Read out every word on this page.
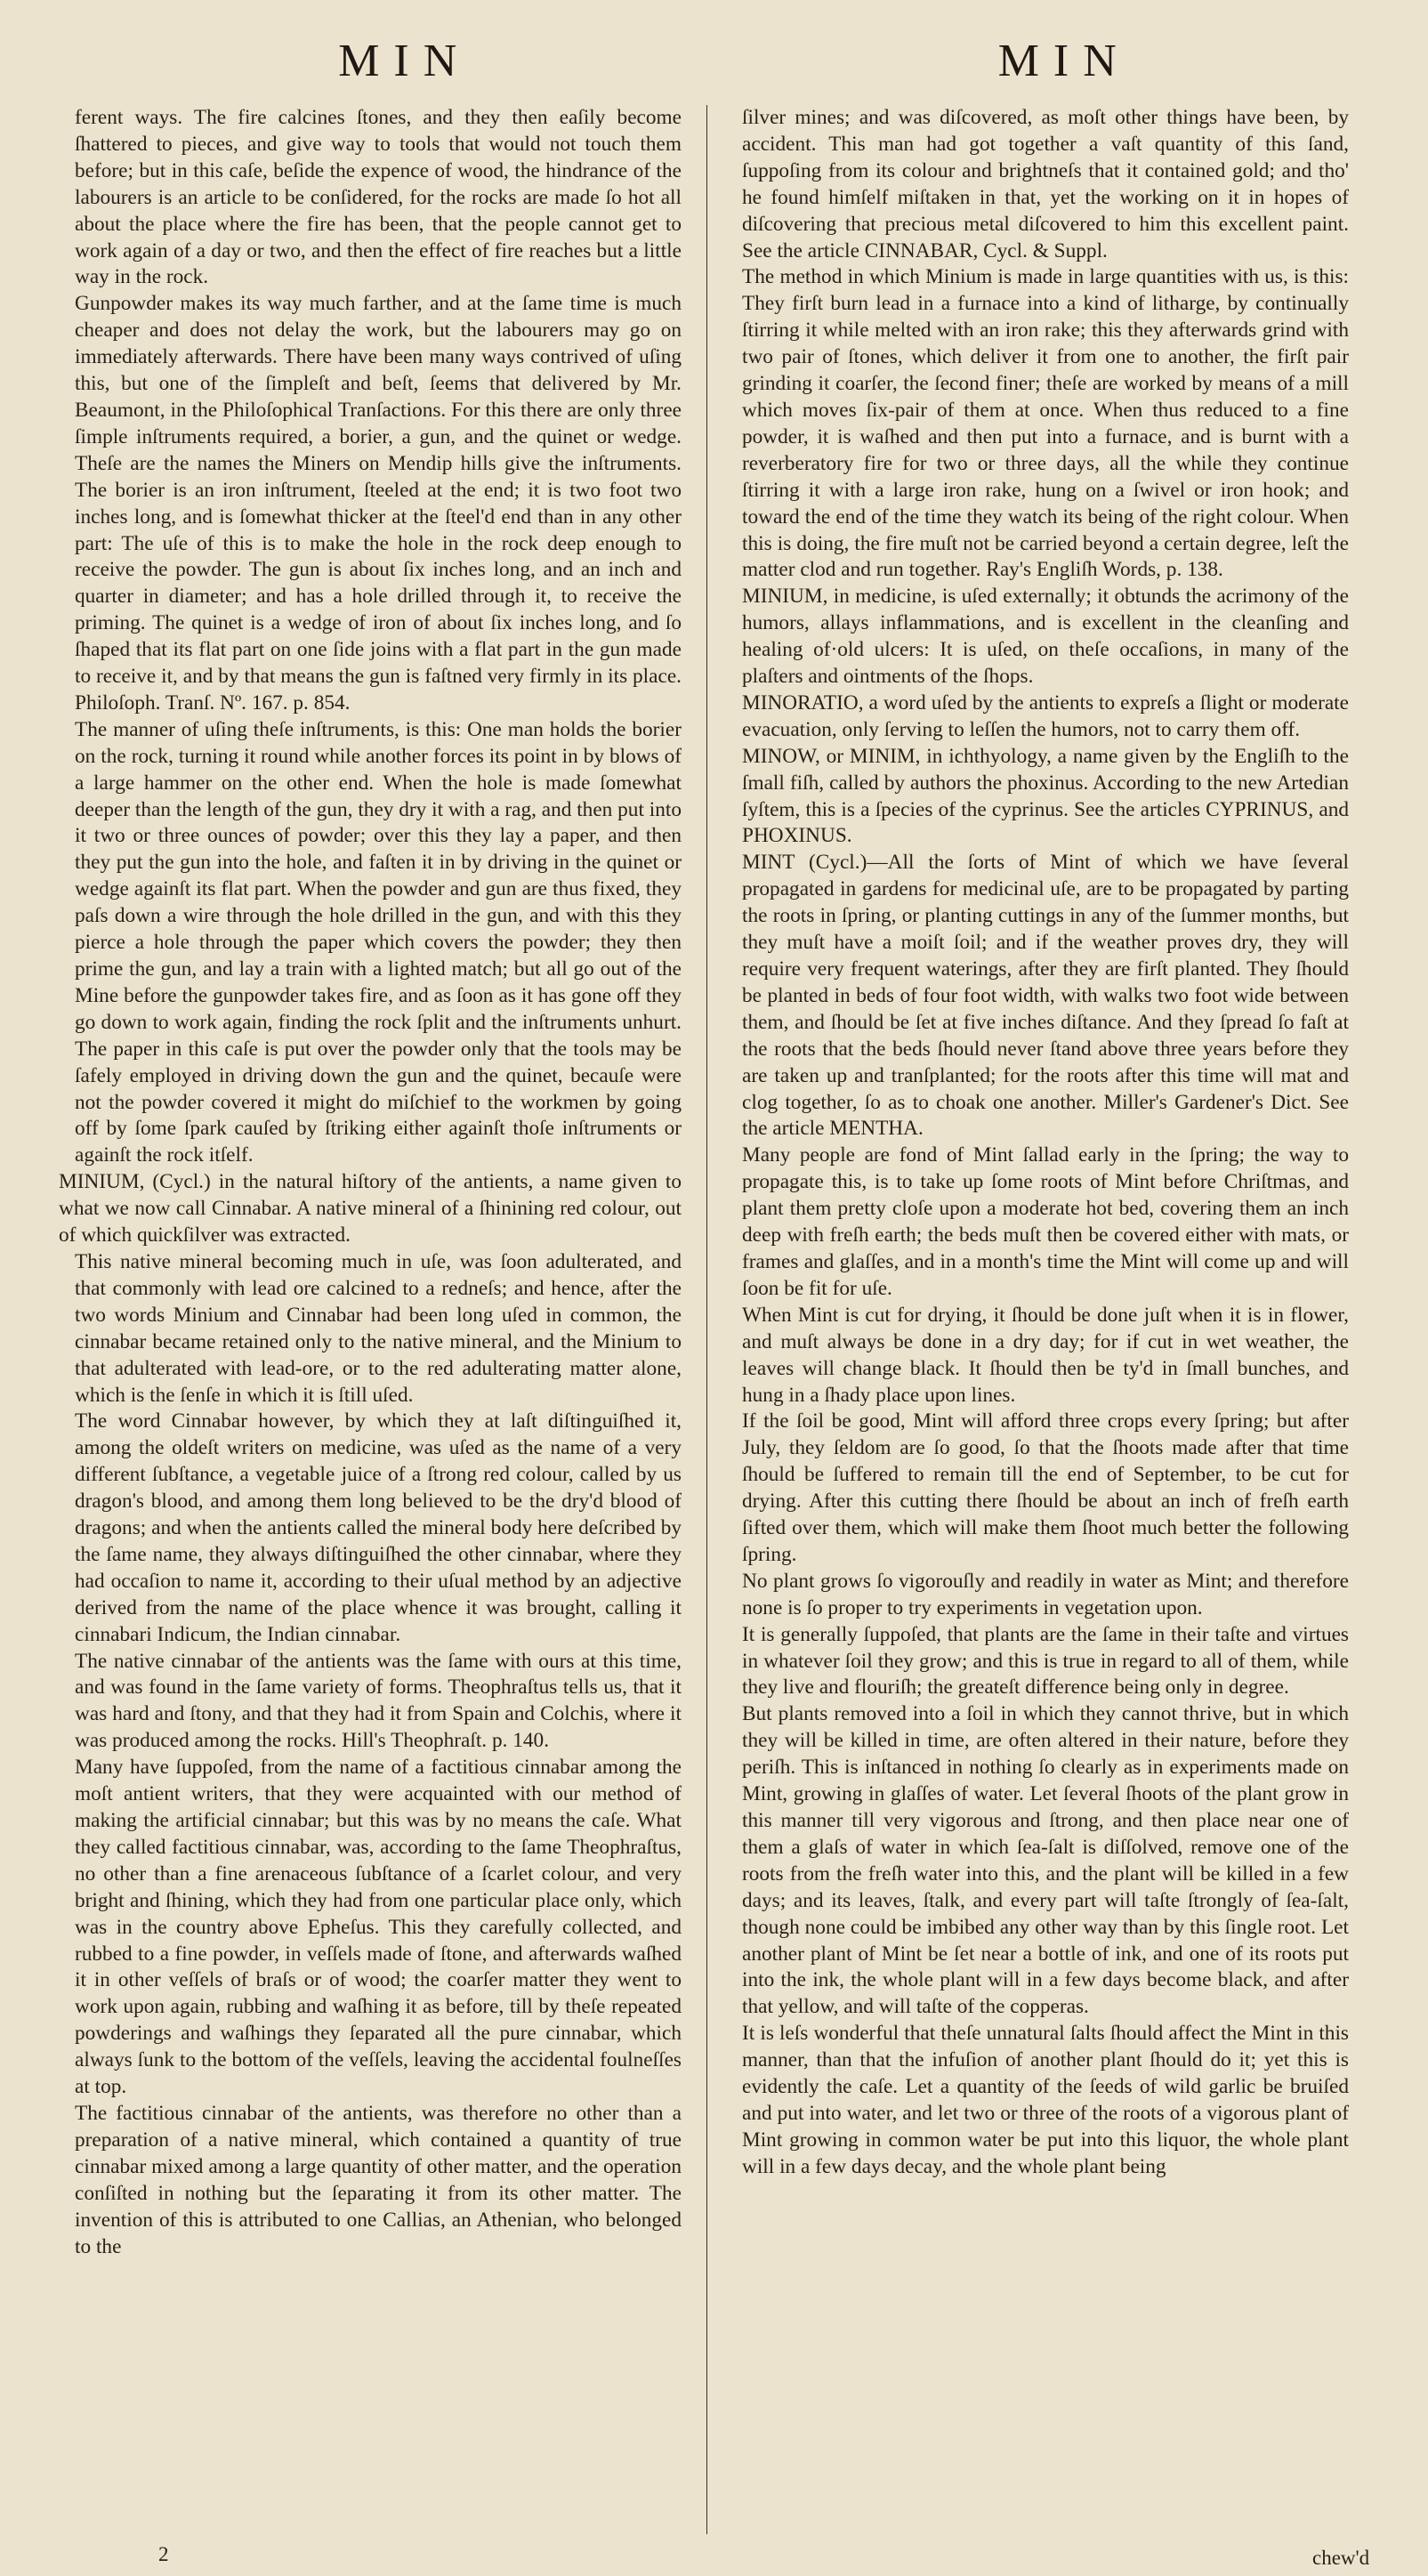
MIN	MIN

ferent ways. The fire calcines ſtones, and they then eaſily become ſhattered to pieces, and give way to tools that would not touch them before; but in this caſe, beſide the expence of wood, the hindrance of the labourers is an article to be conſidered, for the rocks are made ſo hot all about the place where the fire has been, that the people cannot get to work again of a day or two, and then the effect of fire reaches but a little way in the rock.

Gunpowder makes its way much farther, and at the ſame time is much cheaper and does not delay the work, but the labourers may go on immediately afterwards. There have been many ways contrived of uſing this, but one of the ſimpleſt and beſt, ſeems that delivered by Mr. Beaumont, in the Philoſophical Tranſactions. For this there are only three ſimple inſtruments required, a borier, a gun, and the quinet or wedge. Theſe are the names the Miners on Mendip hills give the inſtruments. The borier is an iron inſtrument, ſteeled at the end; it is two foot two inches long, and is ſomewhat thicker at the ſteel'd end than in any other part: The uſe of this is to make the hole in the rock deep enough to receive the powder. The gun is about ſix inches long, and an inch and quarter in diameter; and has a hole drilled through it, to receive the priming. The quinet is a wedge of iron of about ſix inches long, and ſo ſhaped that its flat part on one ſide joins with a flat part in the gun made to receive it, and by that means the gun is faſtned very firmly in its place. Philoſoph. Tranſ. Nº. 167. p. 854.

The manner of uſing theſe inſtruments, is this: One man holds the borier on the rock, turning it round while another forces its point in by blows of a large hammer on the other end. When the hole is made ſomewhat deeper than the length of the gun, they dry it with a rag, and then put into it two or three ounces of powder; over this they lay a paper, and then they put the gun into the hole, and faſten it in by driving in the quinet or wedge againſt its flat part. When the powder and gun are thus fixed, they paſs down a wire through the hole drilled in the gun, and with this they pierce a hole through the paper which covers the powder; they then prime the gun, and lay a train with a lighted match; but all go out of the Mine before the gunpowder takes fire, and as ſoon as it has gone off they go down to work again, finding the rock ſplit and the inſtruments unhurt. The paper in this caſe is put over the powder only that the tools may be ſafely employed in driving down the gun and the quinet, becauſe were not the powder covered it might do miſchief to the workmen by going off by ſome ſpark cauſed by ſtriking either againſt thoſe inſtruments or againſt the rock itſelf.

MINIUM, (Cycl.) in the natural hiſtory of the antients, a name given to what we now call Cinnabar. A native mineral of a ſhinining red colour, out of which quickſilver was extracted.

This native mineral becoming much in uſe, was ſoon adulterated, and that commonly with lead ore calcined to a redneſs; and hence, after the two words Minium and Cinnabar had been long uſed in common, the cinnabar became retained only to the native mineral, and the Minium to that adulterated with lead-ore, or to the red adulterating matter alone, which is the ſenſe in which it is ſtill uſed.

The word Cinnabar however, by which they at laſt diſtinguiſhed it, among the oldeſt writers on medicine, was uſed as the name of a very different ſubſtance, a vegetable juice of a ſtrong red colour, called by us dragon's blood, and among them long believed to be the dry'd blood of dragons; and when the antients called the mineral body here deſcribed by the ſame name, they always diſtinguiſhed the other cinnabar, where they had occaſion to name it, according to their uſual method by an adjective derived from the name of the place whence it was brought, calling it cinnabari Indicum, the Indian cinnabar.

The native cinnabar of the antients was the ſame with ours at this time, and was found in the ſame variety of forms. Theophraſtus tells us, that it was hard and ſtony, and that they had it from Spain and Colchis, where it was produced among the rocks. Hill's Theophraſt. p. 140.

Many have ſuppoſed, from the name of a factitious cinnabar among the moſt antient writers, that they were acquainted with our method of making the artificial cinnabar; but this was by no means the caſe. What they called factitious cinnabar, was, according to the ſame Theophraſtus, no other than a fine arenaceous ſubſtance of a ſcarlet colour, and very bright and ſhining, which they had from one particular place only, which was in the country above Epheſus. This they carefully collected, and rubbed to a fine powder, in veſſels made of ſtone, and afterwards waſhed it in other veſſels of braſs or of wood; the coarſer matter they went to work upon again, rubbing and waſhing it as before, till by theſe repeated powderings and waſhings they ſeparated all the pure cinnabar, which always ſunk to the bottom of the veſſels, leaving the accidental foulneſſes at top.

The factitious cinnabar of the antients, was therefore no other than a preparation of a native mineral, which contained a quantity of true cinnabar mixed among a large quantity of other matter, and the operation conſiſted in nothing but the ſeparating it from its other matter. The invention of this is attributed to one Callias, an Athenian, who belonged to the

ſilver mines; and was diſcovered, as moſt other things have been, by accident. This man had got together a vaſt quantity of this ſand, ſuppoſing from its colour and brightneſs that it contained gold; and tho' he found himſelf miſtaken in that, yet the working on it in hopes of diſcovering that precious metal diſcovered to him this excellent paint. See the article CINNABAR, Cycl. & Suppl.

The method in which Minium is made in large quantities with us, is this: They firſt burn lead in a furnace into a kind of litharge, by continually ſtirring it while melted with an iron rake; this they afterwards grind with two pair of ſtones, which deliver it from one to another, the firſt pair grinding it coarſer, the ſecond finer; theſe are worked by means of a mill which moves ſix-pair of them at once. When thus reduced to a fine powder, it is waſhed and then put into a furnace, and is burnt with a reverberatory fire for two or three days, all the while they continue ſtirring it with a large iron rake, hung on a ſwivel or iron hook; and toward the end of the time they watch its being of the right colour. When this is doing, the fire muſt not be carried beyond a certain degree, leſt the matter clod and run together. Ray's Engliſh Words, p. 138.

MINIUM, in medicine, is uſed externally; it obtunds the acrimony of the humors, allays inflammations, and is excellent in the cleanſing and healing of·old ulcers: It is uſed, on theſe occaſions, in many of the plaſters and ointments of the ſhops.

MINORATIO, a word uſed by the antients to expreſs a ſlight or moderate evacuation, only ſerving to leſſen the humors, not to carry them off.

MINOW, or MINIM, in ichthyology, a name given by the Engliſh to the ſmall fiſh, called by authors the phoxinus. According to the new Artedian ſyſtem, this is a ſpecies of the cyprinus. See the articles CYPRINUS, and PHOXINUS.

MINT (Cycl.)—All the ſorts of Mint of which we have ſeveral propagated in gardens for medicinal uſe, are to be propagated by parting the roots in ſpring, or planting cuttings in any of the ſummer months, but they muſt have a moiſt ſoil; and if the weather proves dry, they will require very frequent waterings, after they are firſt planted. They ſhould be planted in beds of four foot width, with walks two foot wide between them, and ſhould be ſet at five inches diſtance. And they ſpread ſo faſt at the roots that the beds ſhould never ſtand above three years before they are taken up and tranſplanted; for the roots after this time will mat and clog together, ſo as to choak one another. Miller's Gardener's Dict. See the article MENTHA.

Many people are fond of Mint ſallad early in the ſpring; the way to propagate this, is to take up ſome roots of Mint before Chriſtmas, and plant them pretty cloſe upon a moderate hot bed, covering them an inch deep with freſh earth; the beds muſt then be covered either with mats, or frames and glaſſes, and in a month's time the Mint will come up and will ſoon be fit for uſe.

When Mint is cut for drying, it ſhould be done juſt when it is in flower, and muſt always be done in a dry day; for if cut in wet weather, the leaves will change black. It ſhould then be ty'd in ſmall bunches, and hung in a ſhady place upon lines.

If the ſoil be good, Mint will afford three crops every ſpring; but after July, they ſeldom are ſo good, ſo that the ſhoots made after that time ſhould be ſuffered to remain till the end of September, to be cut for drying. After this cutting there ſhould be about an inch of freſh earth ſifted over them, which will make them ſhoot much better the following ſpring.

No plant grows ſo vigorouſly and readily in water as Mint; and therefore none is ſo proper to try experiments in vegetation upon.

It is generally ſuppoſed, that plants are the ſame in their taſte and virtues in whatever ſoil they grow; and this is true in regard to all of them, while they live and flouriſh; the greateſt difference being only in degree.

But plants removed into a ſoil in which they cannot thrive, but in which they will be killed in time, are often altered in their nature, before they periſh. This is inſtanced in nothing ſo clearly as in experiments made on Mint, growing in glaſſes of water. Let ſeveral ſhoots of the plant grow in this manner till very vigorous and ſtrong, and then place near one of them a glaſs of water in which ſea-ſalt is diſſolved, remove one of the roots from the freſh water into this, and the plant will be killed in a few days; and its leaves, ſtalk, and every part will taſte ſtrongly of ſea-ſalt, though none could be imbibed any other way than by this ſingle root. Let another plant of Mint be ſet near a bottle of ink, and one of its roots put into the ink, the whole plant will in a few days become black, and after that yellow, and will taſte of the copperas.

It is leſs wonderful that theſe unnatural ſalts ſhould affect the Mint in this manner, than that the infuſion of another plant ſhould do it; yet this is evidently the caſe. Let a quantity of the ſeeds of wild garlic be bruiſed and put into water, and let two or three of the roots of a vigorous plant of Mint growing in common water be put into this liquor, the whole plant will in a few days decay, and the whole plant being

2	chew'd
